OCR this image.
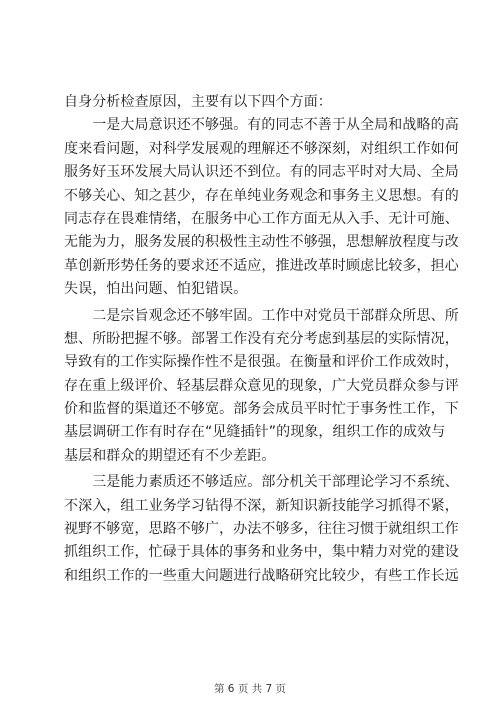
自身分析检查原因，主要有以下四个方面：
　　一是大局意识还不够强。有的同志不善于从全局和战略的高
度来看问题，对科学发展观的理解还不够深刻，对组织工作如何
服务好玉环发展大局认识还不到位。有的同志平时对大局、全局
不够关心、知之甚少，存在单纯业务观念和事务主义思想。有的
同志存在畏难情绪，在服务中心工作方面无从入手、无计可施、
无能为力，服务发展的积极性主动性不够强，思想解放程度与改
革创新形势任务的要求还不适应，推进改革时顾虑比较多，担心
失误，怕出问题、怕犯错误。
　　二是宗旨观念还不够牢固。工作中对党员干部群众所思、所
想、所盼把握不够。部署工作没有充分考虑到基层的实际情况，
导致有的工作实际操作性不是很强。在衡量和评价工作成效时，
存在重上级评价、轻基层群众意见的现象，广大党员群众参与评
价和监督的渠道还不够宽。部务会成员平时忙于事务性工作，下
基层调研工作有时存在“见缝插针”的现象，组织工作的成效与
基层和群众的期望还有不少差距。
　　三是能力素质还不够适应。部分机关干部理论学习不系统、
不深入，组工业务学习钻得不深，新知识新技能学习抓得不紧，
视野不够宽，思路不够广，办法不够多，往往习惯于就组织工作
抓组织工作，忙碌于具体的事务和业务中，集中精力对党的建设
和组织工作的一些重大问题进行战略研究比较少，有些工作长远
第 6 页 共 7 页
